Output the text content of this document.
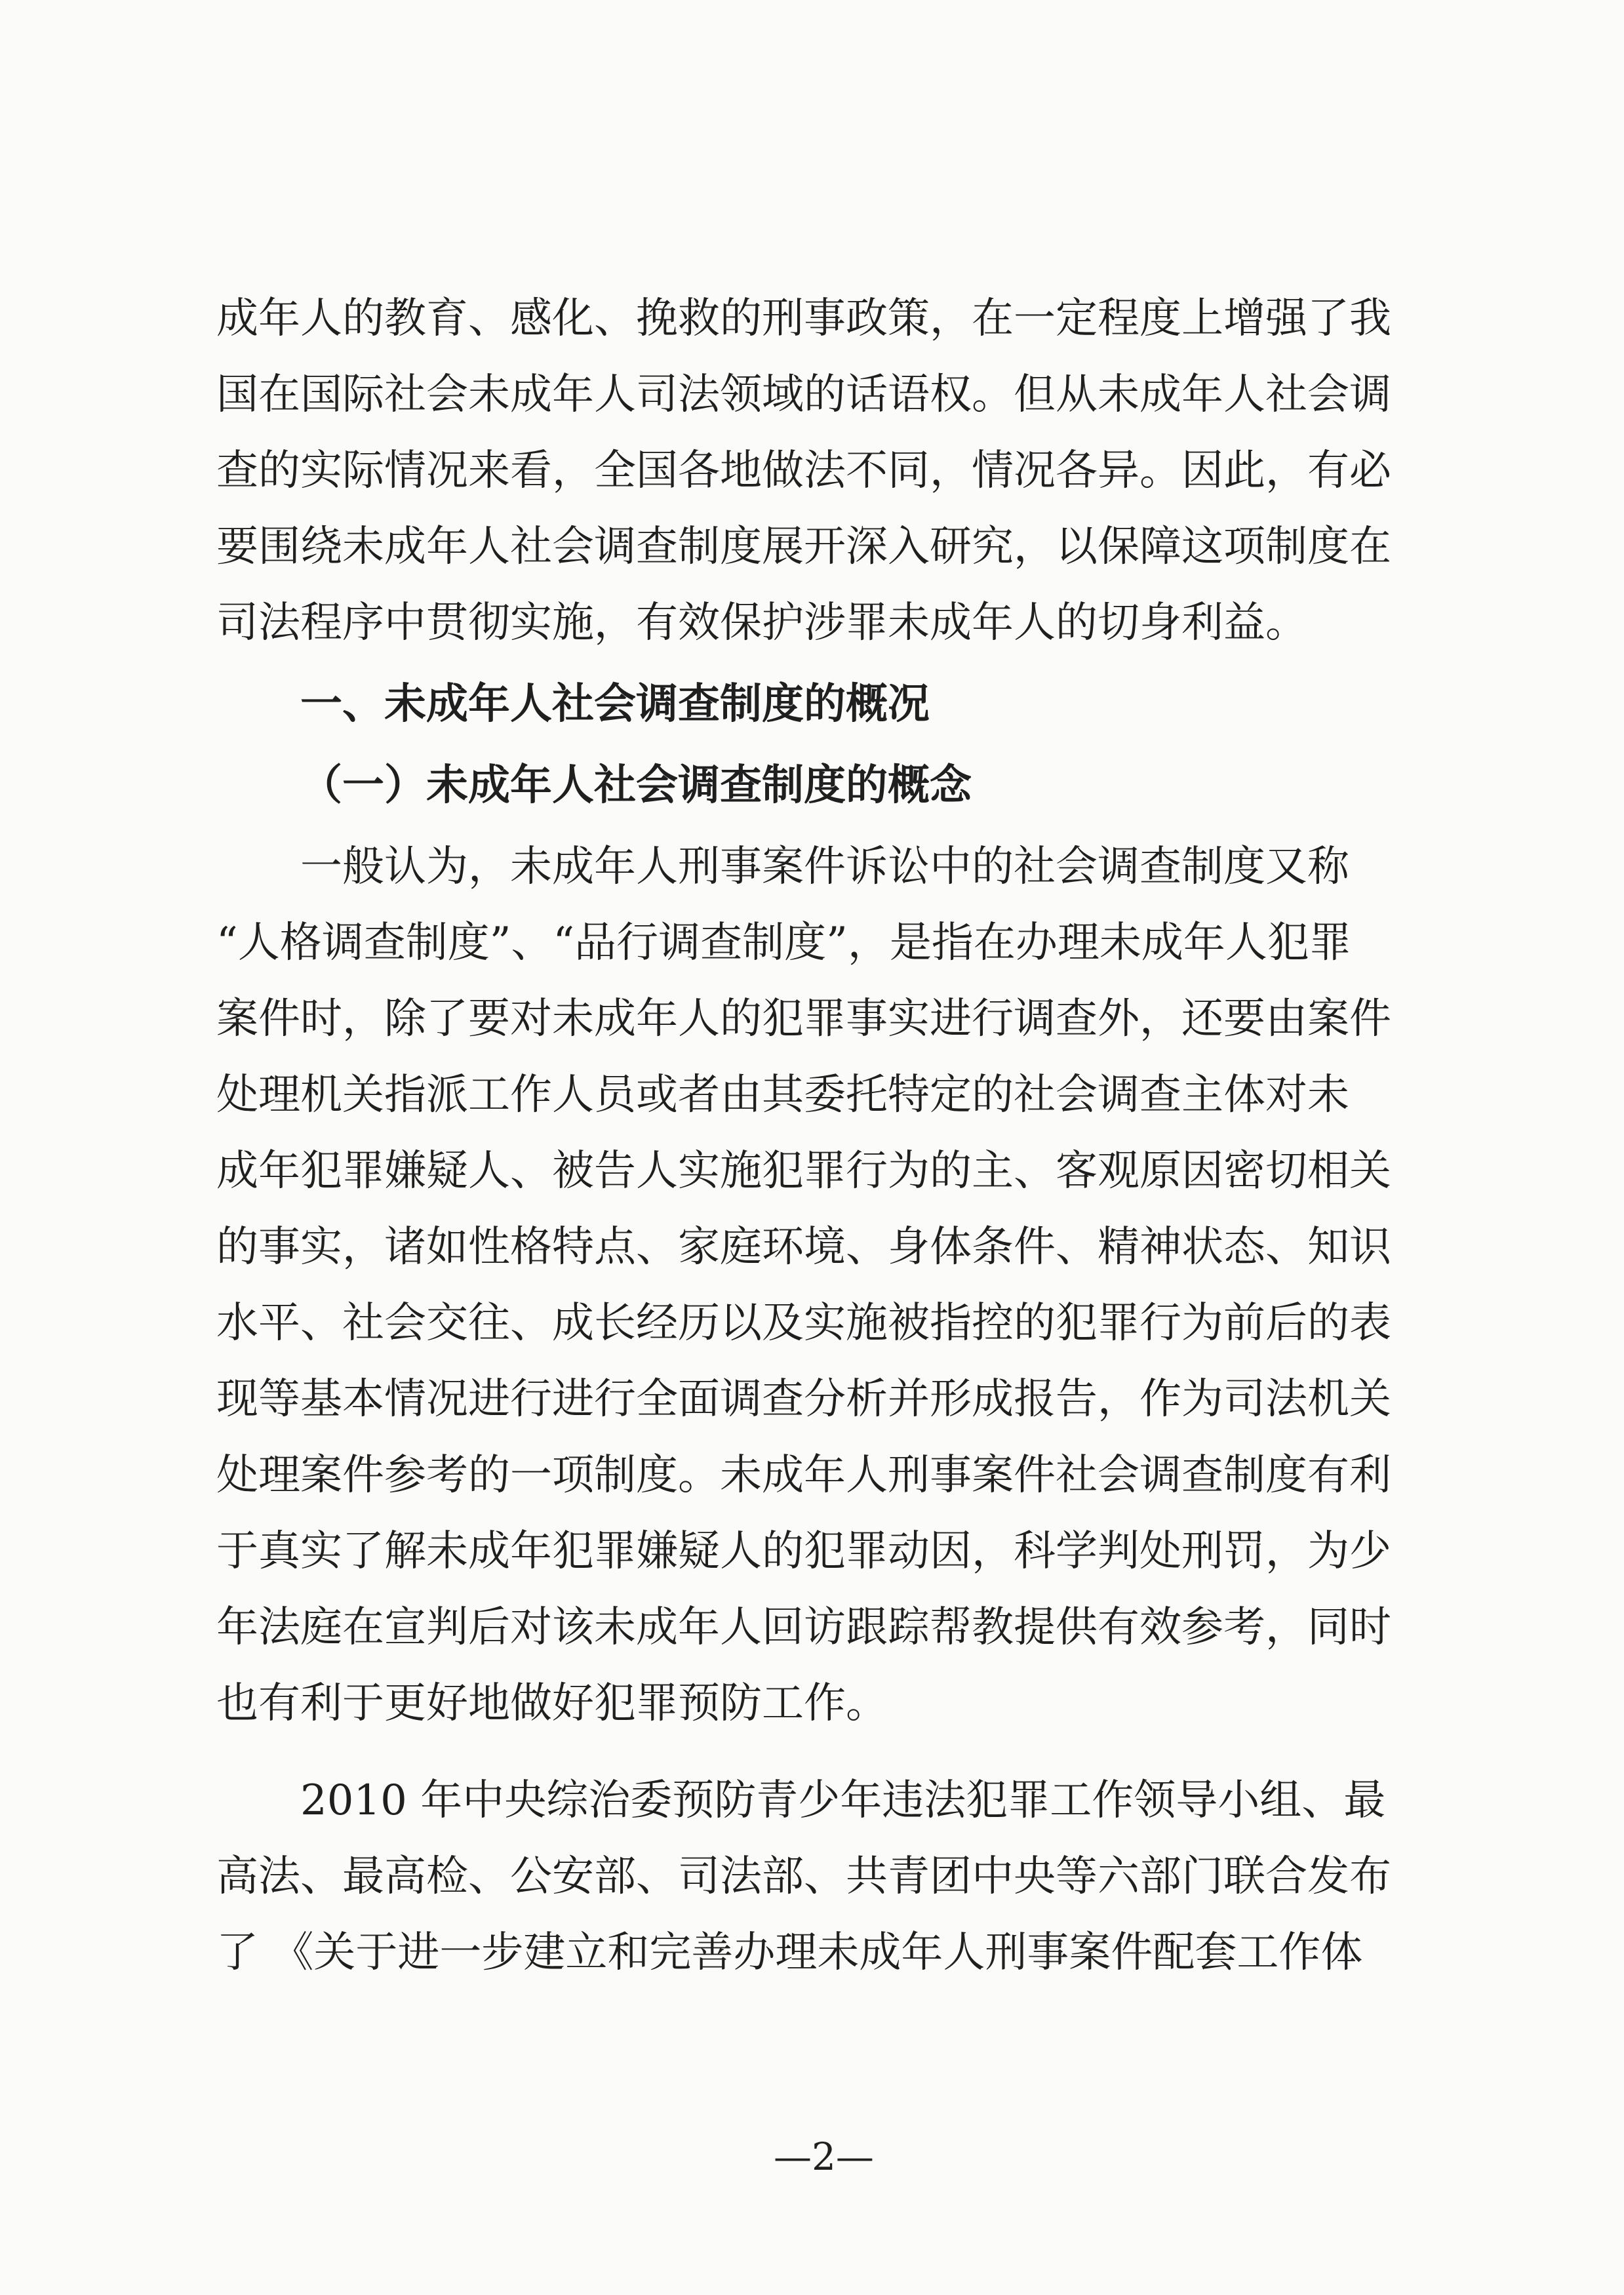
成年人的教育、感化、挽救的刑事政策，在一定程度上增强了我

国在国际社会未成年人司法领域的话语权。但从未成年人社会调

查的实际情况来看，全国各地做法不同，情况各异。因此，有必

要围绕未成年人社会调查制度展开深入研究，以保障这项制度在

司法程序中贯彻实施，有效保护涉罪未成年人的切身利益。

一、未成年人社会调查制度的概况

（一）未成年人社会调查制度的概念

一般认为，未成年人刑事案件诉讼中的社会调查制度又称

“人格调查制度”、“品行调查制度”，是指在办理未成年人犯罪

案件时，除了要对未成年人的犯罪事实进行调查外，还要由案件

处理机关指派工作人员或者由其委托特定的社会调查主体对未

成年犯罪嫌疑人、被告人实施犯罪行为的主、客观原因密切相关

的事实，诸如性格特点、家庭环境、身体条件、精神状态、知识

水平、社会交往、成长经历以及实施被指控的犯罪行为前后的表

现等基本情况进行进行全面调查分析并形成报告，作为司法机关

处理案件参考的一项制度。未成年人刑事案件社会调查制度有利

于真实了解未成年犯罪嫌疑人的犯罪动因，科学判处刑罚，为少

年法庭在宣判后对该未成年人回访跟踪帮教提供有效参考，同时

也有利于更好地做好犯罪预防工作。

2010 年中央综治委预防青少年违法犯罪工作领导小组、最

高法、最高检、公安部、司法部、共青团中央等六部门联合发布

了 《关于进一步建立和完善办理未成年人刑事案件配套工作体

—2—
